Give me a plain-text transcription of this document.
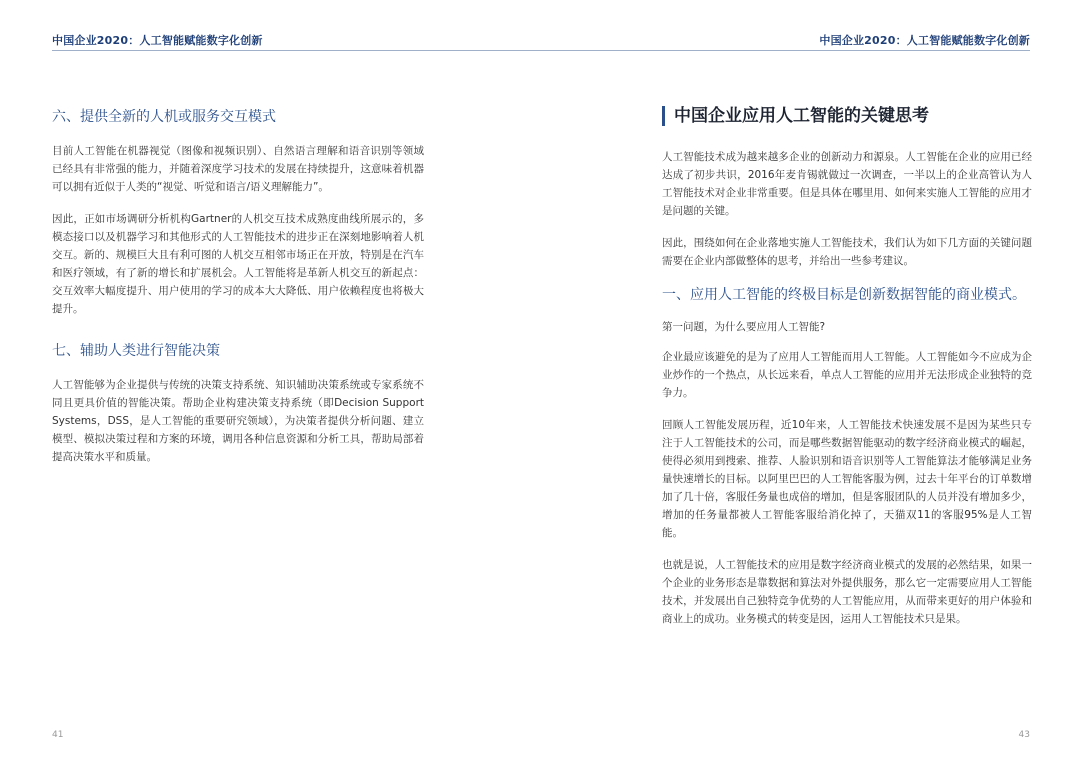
中国企业2020：人工智能赋能数字化创新
六、提供全新的人机或服务交互模式

目前人工智能在机器视觉（图像和视频识别）、自然语言理解和语音识别等领域已经具有非常强的能力，并随着深度学习技术的发展在持续提升，这意味着机器可以拥有近似于人类的“视觉、听觉和语言/语义理解能力”。

因此，正如市场调研分析机构Gartner的人机交互技术成熟度曲线所展示的，多模态接口以及机器学习和其他形式的人工智能技术的进步正在深刻地影响着人机交互。新的、规模巨大且有利可图的人机交互相邻市场正在开放，特别是在汽车和医疗领域，有了新的增长和扩展机会。人工智能将是革新人机交互的新起点：交互效率大幅度提升、用户使用的学习的成本大大降低、用户依赖程度也将极大提升。

七、辅助人类进行智能决策

人工智能够为企业提供与传统的决策支持系统、知识辅助决策系统或专家系统不同且更具价值的智能决策。帮助企业构建决策支持系统（即Decision Support Systems，DSS，是人工智能的重要研究领域），为决策者提供分析问题、建立模型、模拟决策过程和方案的环境，调用各种信息资源和分析工具，帮助局部着提高决策水平和质量。

41
中国企业2020：人工智能赋能数字化创新
中国企业应用人工智能的关键思考

人工智能技术成为越来越多企业的创新动力和源泉。人工智能在企业的应用已经达成了初步共识，2016年麦肯锡就做过一次调查，一半以上的企业高管认为人工智能技术对企业非常重要。但是具体在哪里用、如何来实施人工智能的应用才是问题的关键。

因此，围绕如何在企业落地实施人工智能技术，我们认为如下几方面的关键问题需要在企业内部做整体的思考，并给出一些参考建议。

一、应用人工智能的终极目标是创新数据智能的商业模式。

第一问题，为什么要应用人工智能?

企业最应该避免的是为了应用人工智能而用人工智能。人工智能如今不应成为企业炒作的一个热点，从长远来看，单点人工智能的应用并无法形成企业独特的竞争力。

回顾人工智能发展历程，近10年来，人工智能技术快速发展不是因为某些只专注于人工智能技术的公司，而是哪些数据智能驱动的数字经济商业模式的崛起，使得必须用到搜索、推荐、人脸识别和语音识别等人工智能算法才能够满足业务量快速增长的目标。以阿里巴巴的人工智能客服为例，过去十年平台的订单数增加了几十倍，客服任务量也成倍的增加，但是客服团队的人员并没有增加多少，增加的任务量都被人工智能客服给消化掉了，天猫双11的客服95%是人工智能。

也就是说，人工智能技术的应用是数字经济商业模式的发展的必然结果，如果一个企业的业务形态是靠数据和算法对外提供服务，那么它一定需要应用人工智能技术，并发展出自己独特竞争优势的人工智能应用，从而带来更好的用户体验和商业上的成功。业务模式的转变是因，运用人工智能技术只是果。

43
